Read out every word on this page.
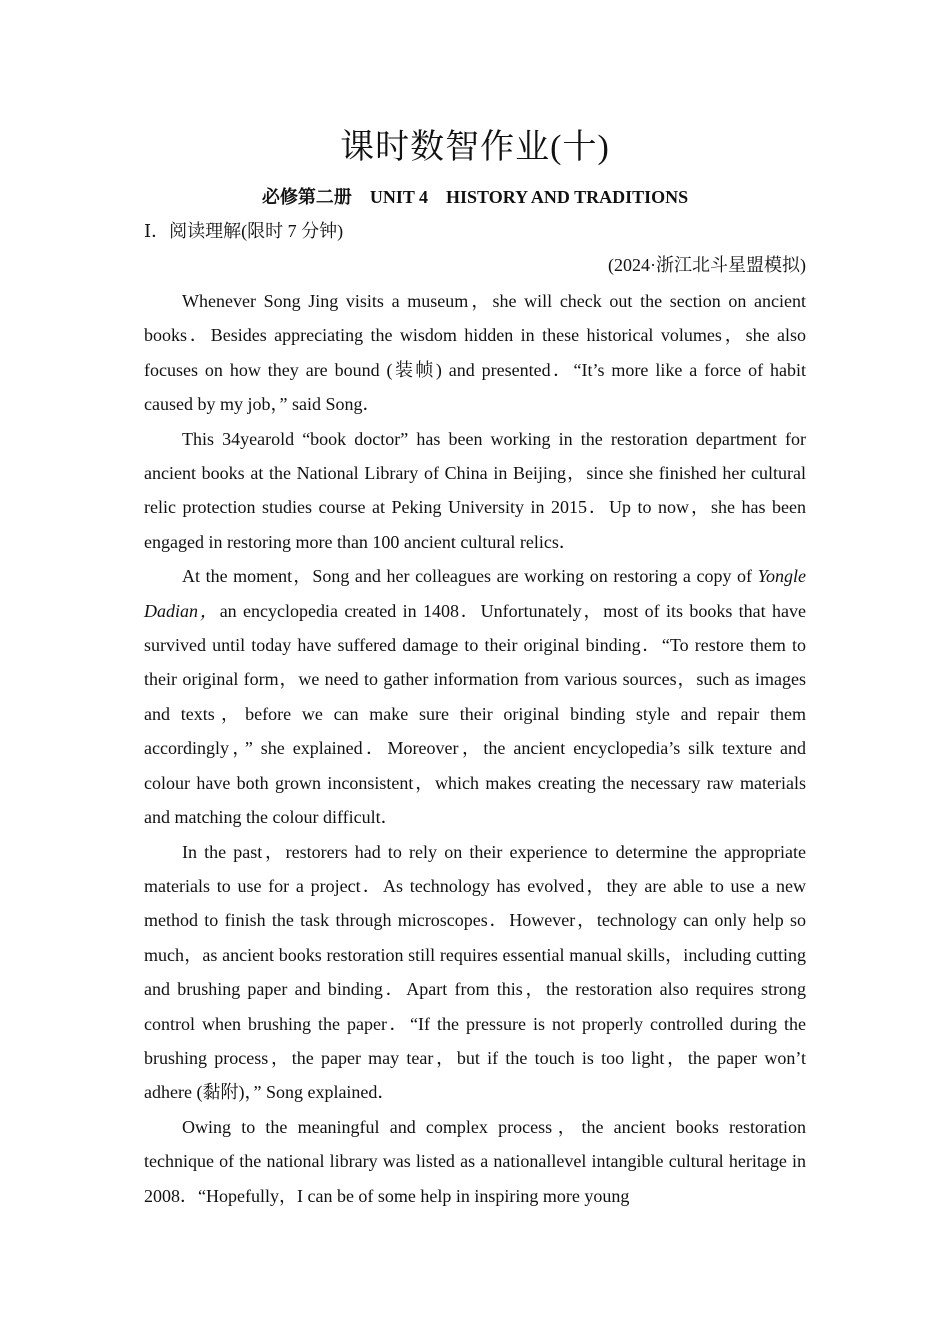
课时数智作业(十)
必修第二册　UNIT 4　HISTORY AND TRADITIONS
Ⅰ．阅读理解(限时 7 分钟)
(2024·浙江北斗星盟模拟)

Whenever Song Jing visits a museum，she will check out the section on ancient books．Besides appreciating the wisdom hidden in these historical volumes，she also focuses on how they are bound (装帧) and presented．“It’s more like a force of habit caused by my job，” said Song．

This 34yearold “book doctor” has been working in the restoration department for ancient books at the National Library of China in Beijing，since she finished her cultural relic protection studies course at Peking University in 2015．Up to now，she has been engaged in restoring more than 100 ancient cultural relics．

At the moment，Song and her colleagues are working on restoring a copy of Yongle Dadian，an encyclopedia created in 1408．Unfortunately，most of its books that have survived until today have suffered damage to their original binding．“To restore them to their original form，we need to gather information from various sources，such as images and texts，before we can make sure their original binding style and repair them accordingly，” she explained．Moreover，the ancient encyclopedia’s silk texture and colour have both grown inconsistent，which makes creating the necessary raw materials and matching the colour difficult．

In the past，restorers had to rely on their experience to determine the appropriate materials to use for a project．As technology has evolved，they are able to use a new method to finish the task through microscopes．However，technology can only help so much，as ancient books restoration still requires essential manual skills，including cutting and brushing paper and binding．Apart from this，the restoration also requires strong control when brushing the paper．“If the pressure is not properly controlled during the brushing process，the paper may tear，but if the touch is too light，the paper won’t adhere (黏附)，” Song explained．

Owing to the meaningful and complex process，the ancient books restoration technique of the national library was listed as a nationallevel intangible cultural heritage in 2008．“Hopefully，I can be of some help in inspiring more young
